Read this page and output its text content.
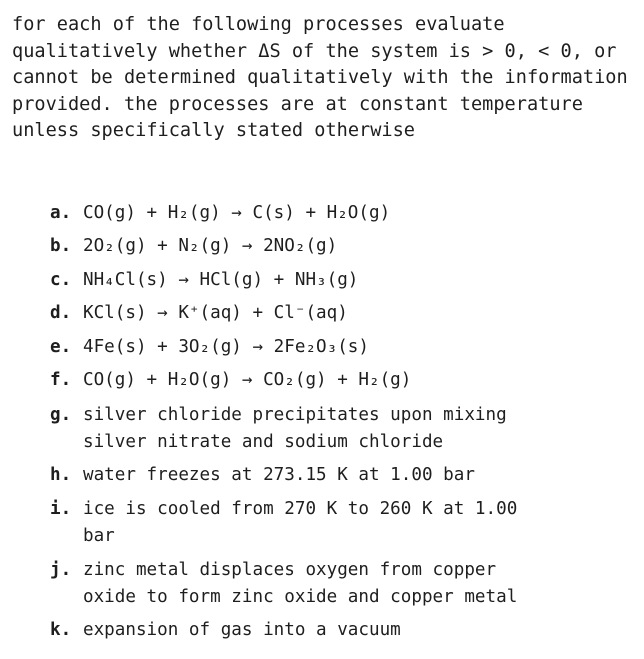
for each of the following processes evaluate qualitatively whether ΔS of the system is > 0, < 0, or cannot be determined qualitatively with the information provided. the processes are at constant temperature unless specifically stated otherwise

a. CO(g) + H₂(g) → C(s) + H₂O(g)
b. 2O₂(g) + N₂(g) → 2NO₂(g)
c. NH₄Cl(s) → HCl(g) + NH₃(g)
d. KCl(s) → K⁺(aq) + Cl⁻(aq)
e. 4Fe(s) + 3O₂(g) → 2Fe₂O₃(s)
f. CO(g) + H₂O(g) → CO₂(g) + H₂(g)
g. silver chloride precipitates upon mixing silver nitrate and sodium chloride
h. water freezes at 273.15 K at 1.00 bar
i. ice is cooled from 270 K to 260 K at 1.00 bar
j. zinc metal displaces oxygen from copper oxide to form zinc oxide and copper metal
k. expansion of gas into a vacuum
